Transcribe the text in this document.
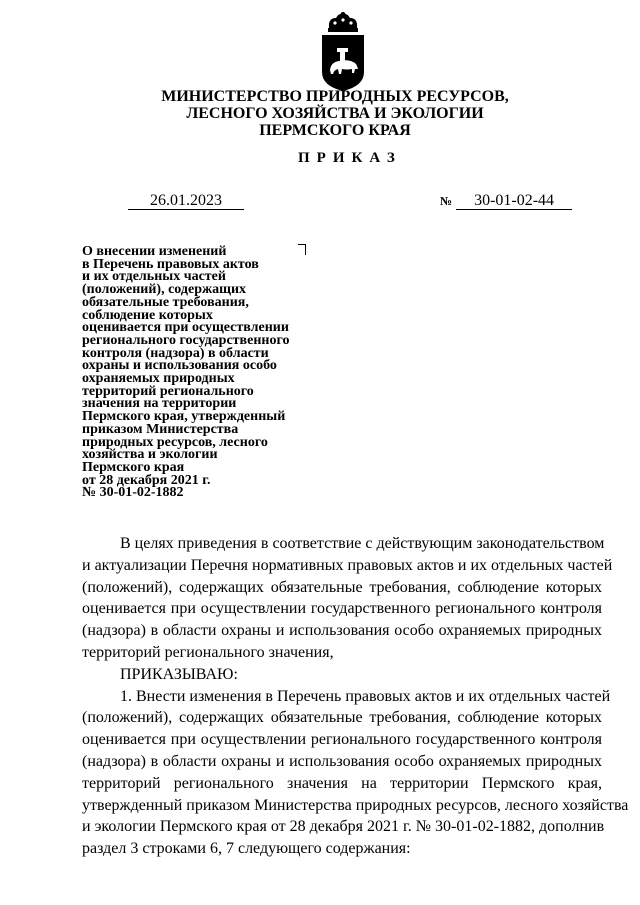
МИНИСТЕРСТВО ПРИРОДНЫХ РЕСУРСОВ,
ЛЕСНОГО ХОЗЯЙСТВА И ЭКОЛОГИИ
ПЕРМСКОГО КРАЯ
ПРИКАЗ
26.01.2023	№ 30-01-02-44
О внесении изменений
в Перечень правовых актов
и их отдельных частей
(положений), содержащих
обязательные требования,
соблюдение которых
оценивается при осуществлении
регионального государственного
контроля (надзора) в области
охраны и использования особо
охраняемых природных
территорий регионального
значения на территории
Пермского края, утвержденный
приказом Министерства
природных ресурсов, лесного
хозяйства и экологии
Пермского края
от 28 декабря 2021 г.
№ 30-01-02-1882
В целях приведения в соответствие с действующим законодательством
и актуализации Перечня нормативных правовых актов и их отдельных частей
(положений), содержащих обязательные требования, соблюдение которых
оценивается при осуществлении государственного регионального контроля
(надзора) в области охраны и использования особо охраняемых природных
территорий регионального значения,
ПРИКАЗЫВАЮ:
1. Внести изменения в Перечень правовых актов и их отдельных частей
(положений), содержащих обязательные требования, соблюдение которых
оценивается при осуществлении регионального государственного контроля
(надзора) в области охраны и использования особо охраняемых природных
территорий регионального значения на территории Пермского края,
утвержденный приказом Министерства природных ресурсов, лесного хозяйства
и экологии Пермского края от 28 декабря 2021 г. № 30-01-02-1882, дополнив
раздел 3 строками 6, 7 следующего содержания:
